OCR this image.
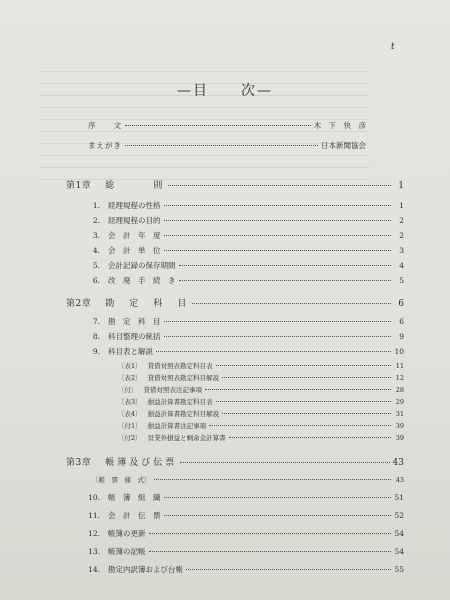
t
—目　　次—
序　　文	木　下　快　彦
まえがき	日本新聞協会
第1章 総　　　則	1
1. 経理規程の性格	1
2. 経理規程の目的	2
3. 会　計　年　度	2
4. 会　計　単　位	3
5. 会計記録の保存期間	4
6. 改　廃　手　続　き	5
第2章 勘　定　科　目	6
7. 勘　定　科　目	6
8. 科目整理の統括	9
9. 科目表と解説	10
〔表1〕 貸借対照表勘定科目表	11
〔表2〕 貸借対照表勘定科目解説	12
〔付〕 貸借対照表注記事項	28
〔表3〕 損益計算書勘定科目表	29
〔表4〕 損益計算書勘定科目解説	31
〔付1〕 損益計算書注記事項	39
〔付2〕 営業外損益と剰余金計算書	39
第3章 帳簿及び伝票	43
〔帳　票　様　式〕	43
10. 帳　簿　組　織	51
11. 会　計　伝　票	52
12. 帳簿の更新	54
13. 帳簿の記帳	54
14. 勘定内訳簿および台帳	55
